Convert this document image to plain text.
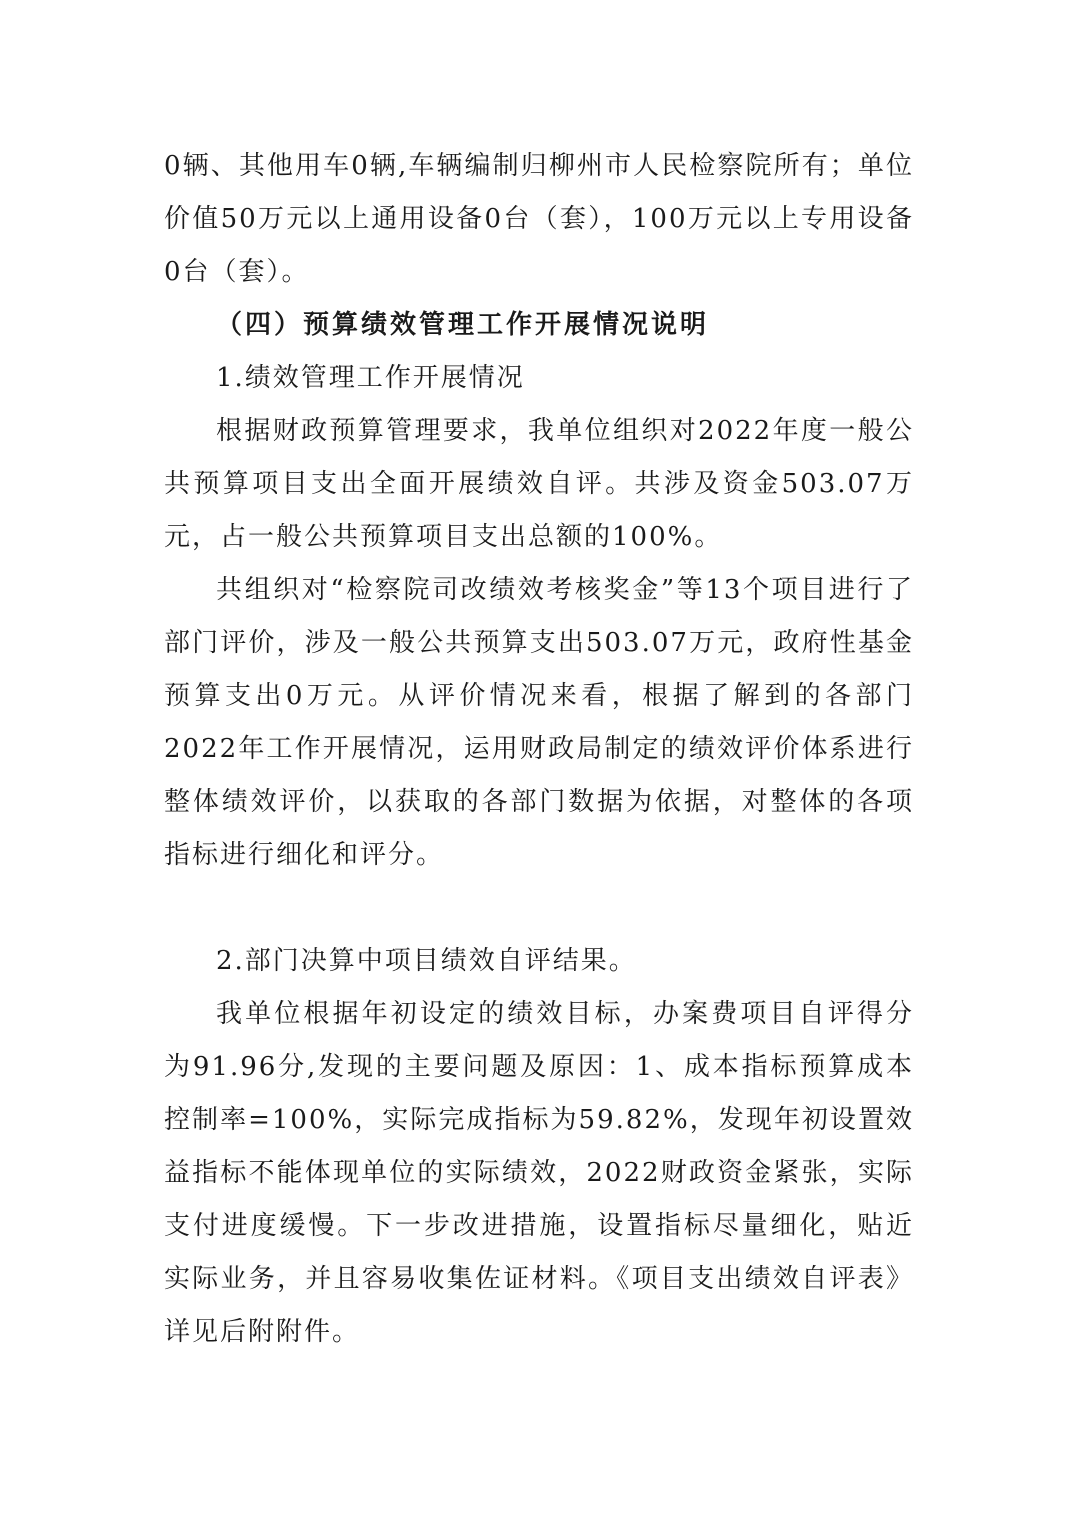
0辆、其他用车0辆,车辆编制归柳州市人民检察院所有；单位价值50万元以上通用设备0台（套），100万元以上专用设备0台（套）。

（四）预算绩效管理工作开展情况说明

1.绩效管理工作开展情况

根据财政预算管理要求，我单位组织对2022年度一般公共预算项目支出全面开展绩效自评。共涉及资金503.07万元，占一般公共预算项目支出总额的100%。

共组织对“检察院司改绩效考核奖金”等13个项目进行了部门评价，涉及一般公共预算支出503.07万元，政府性基金预算支出0万元。从评价情况来看，根据了解到的各部门2022年工作开展情况，运用财政局制定的绩效评价体系进行整体绩效评价，以获取的各部门数据为依据，对整体的各项指标进行细化和评分。

2.部门决算中项目绩效自评结果。

我单位根据年初设定的绩效目标，办案费项目自评得分为91.96分,发现的主要问题及原因：1、成本指标预算成本控制率=100%，实际完成指标为59.82%，发现年初设置效益指标不能体现单位的实际绩效，2022财政资金紧张，实际支付进度缓慢。下一步改进措施，设置指标尽量细化，贴近实际业务，并且容易收集佐证材料。《项目支出绩效自评表》详见后附附件。
